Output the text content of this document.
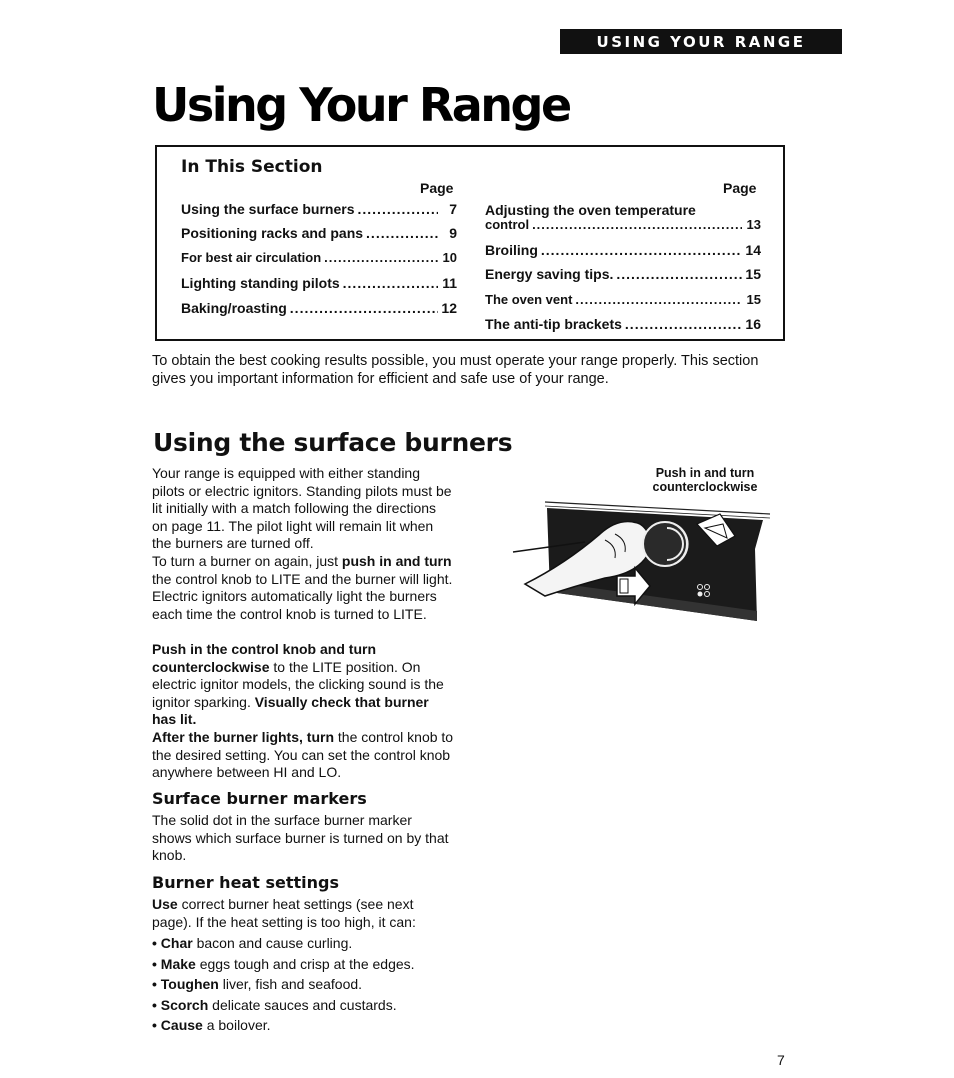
USING YOUR RANGE
Using Your Range
In This Section
Page	Page
Using the surface burners .....	7
Positioning racks and pans .....	9
For best air circulation .....	10
Lighting standing pilots .....	11
Baking/roasting .....	12
Adjusting the oven temperature
control .....	13
Broiling .....	14
Energy saving tips. .....	15
The oven vent .....	15
The anti-tip brackets .....	16

To obtain the best cooking results possible, you must operate your range properly. This section gives you important information for efficient and safe use of your range.

Using the surface burners

Your range is equipped with either standing pilots or electric ignitors. Standing pilots must be lit initially with a match following the directions on page 11. The pilot light will remain lit when the burners are turned off.

To turn a burner on again, just push in and turn the control knob to LITE and the burner will light. Electric ignitors automatically light the burners each time the control knob is turned to LITE.

Push in the control knob and turn counterclockwise to the LITE position. On electric ignitor models, the clicking sound is the ignitor sparking. Visually check that burner has lit.

After the burner lights, turn the control knob to the desired setting. You can set the control knob anywhere between HI and LO.

Surface burner markers

The solid dot in the surface burner marker shows which surface burner is turned on by that knob.

Burner heat settings

Use correct burner heat settings (see next page). If the heat setting is too high, it can:

• Char bacon and cause curling.
• Make eggs tough and crisp at the edges.
• Toughen liver, fish and seafood.
• Scorch delicate sauces and custards.
• Cause a boilover.

Push in and turn
counterclockwise

7
